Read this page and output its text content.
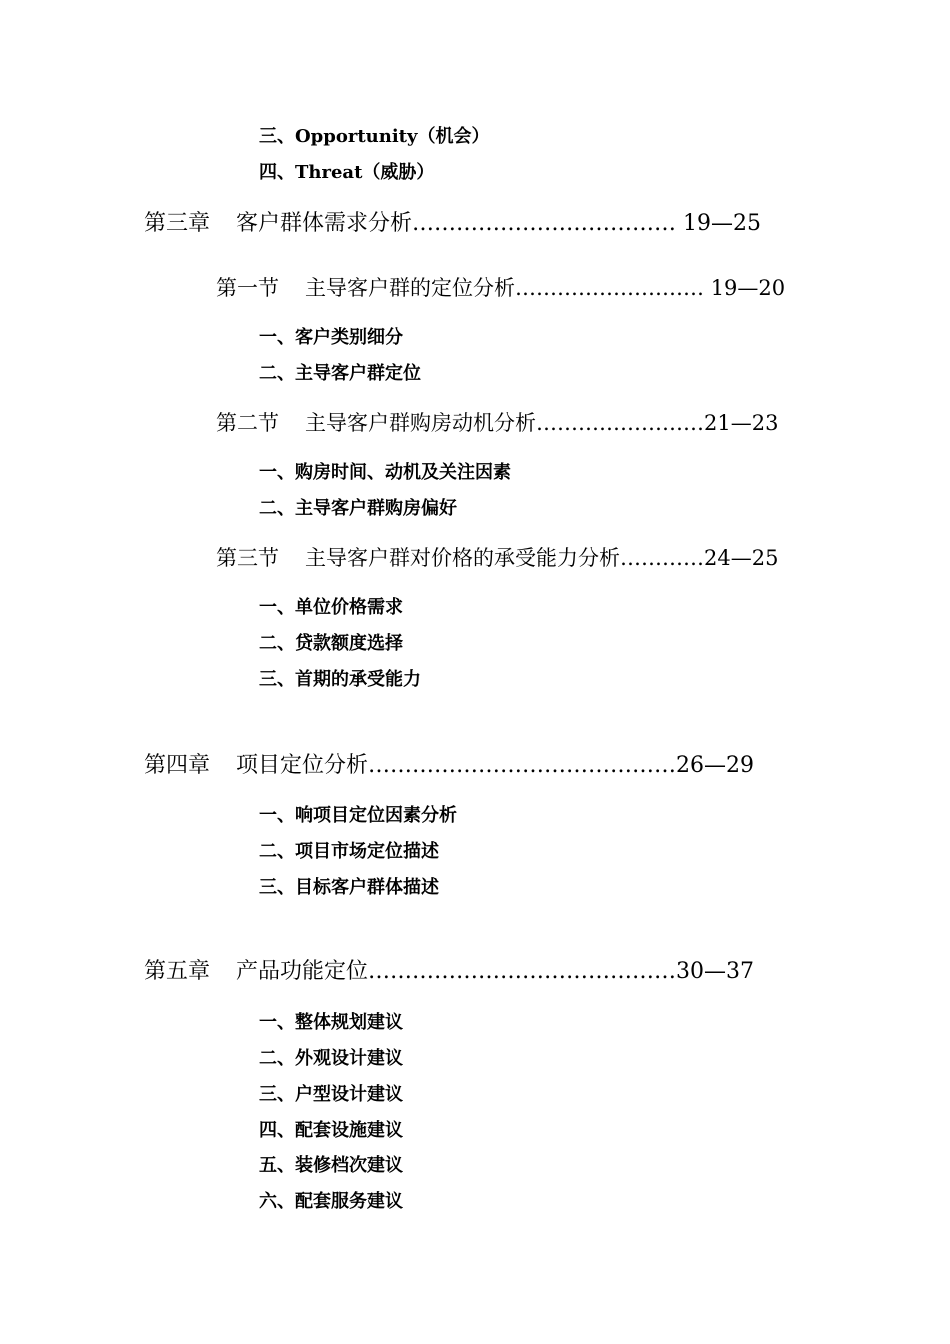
三、Opportunity（机会）
四、Threat（威胁）
第三章 客户群体需求分析……………………………… 19—25
第一节 主导客户群的定位分析……………………… 19—20
一、客户类别细分
二、主导客户群定位
第二节 主导客户群购房动机分析……………………21—23
一、购房时间、动机及关注因素
二、主导客户群购房偏好
第三节 主导客户群对价格的承受能力分析…………24—25
一、单位价格需求
二、贷款额度选择
三、首期的承受能力
第四章 项目定位分析……………………………………26—29
一、响项目定位因素分析
二、项目市场定位描述
三、目标客户群体描述
第五章 产品功能定位……………………………………30—37
一、整体规划建议
二、外观设计建议
三、户型设计建议
四、配套设施建议
五、装修档次建议
六、配套服务建议
